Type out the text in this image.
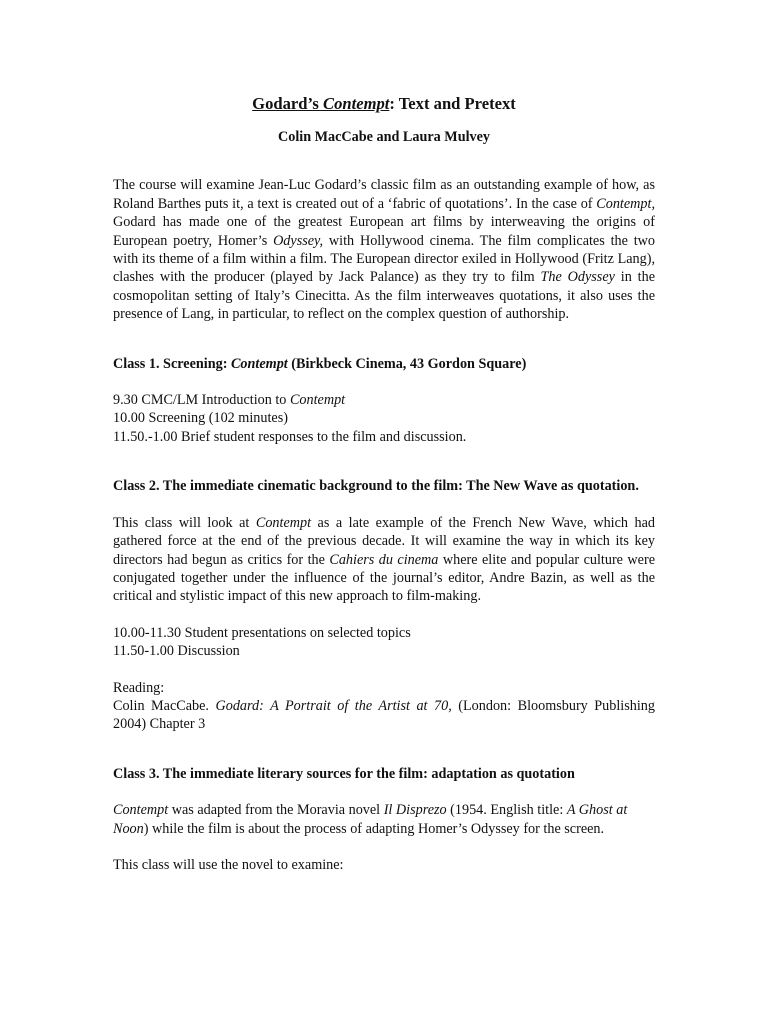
Godard’s Contempt: Text and Pretext

Colin MacCabe and Laura Mulvey

The course will examine Jean-Luc Godard’s classic film as an outstanding example of how, as Roland Barthes puts it, a text is created out of a ‘fabric of quotations’. In the case of Contempt, Godard has made one of the greatest European art films by interweaving the origins of European poetry, Homer’s Odyssey, with Hollywood cinema. The film complicates the two with its theme of a film within a film. The European director exiled in Hollywood (Fritz Lang), clashes with the producer (played by Jack Palance) as they try to film The Odyssey in the cosmopolitan setting of Italy’s Cinecitta. As the film interweaves quotations, it also uses the presence of Lang, in particular, to reflect on the complex question of authorship.

Class 1. Screening: Contempt (Birkbeck Cinema, 43 Gordon Square)

9.30 CMC/LM Introduction to Contempt

10.00 Screening (102 minutes)

11.50.-1.00 Brief student responses to the film and discussion.

Class 2. The immediate cinematic background to the film: The New Wave as quotation.

This class will look at Contempt as a late example of the French New Wave, which had gathered force at the end of the previous decade. It will examine the way in which its key directors had begun as critics for the Cahiers du cinema where elite and popular culture were conjugated together under the influence of the journal’s editor, Andre Bazin, as well as the critical and stylistic impact of this new approach to film-making.

10.00-11.30 Student presentations on selected topics

11.50-1.00 Discussion

Reading:

Colin MacCabe. Godard: A Portrait of the Artist at 70, (London: Bloomsbury Publishing 2004) Chapter 3

Class 3. The immediate literary sources for the film: adaptation as quotation

Contempt was adapted from the Moravia novel Il Disprezo (1954. English title: A Ghost at Noon) while the film is about the process of adapting Homer’s Odyssey for the screen.

This class will use the novel to examine:
